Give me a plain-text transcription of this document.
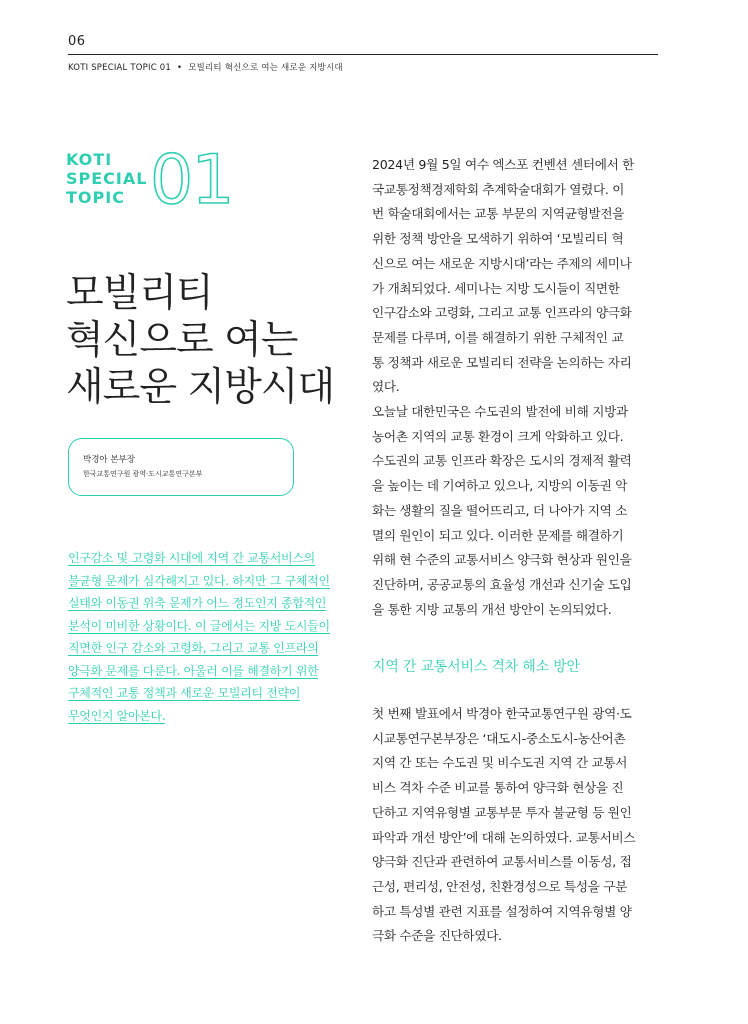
06
KOTI SPECIAL TOPIC 01 • 모빌리티 혁신으로 여는 새로운 지방시대
KOTI
SPECIAL
TOPIC 01
모빌리티
혁신으로 여는
새로운 지방시대
박경아 본부장
한국교통연구원 광역·도시교통연구본부
인구감소 및 고령화 시대에 지역 간 교통서비스의
불균형 문제가 심각해지고 있다. 하지만 그 구체적인
실태와 이동권 위축 문제가 어느 정도인지 종합적인
분석이 미비한 상황이다. 이 글에서는 지방 도시들이
직면한 인구 감소와 고령화, 그리고 교통 인프라의
양극화 문제를 다룬다. 아울러 이를 해결하기 위한
구체적인 교통 정책과 새로운 모빌리티 전략이
무엇인지 알아본다.
2024년 9월 5일 여수 엑스포 컨벤션 센터에서 한
국교통정책경제학회 추계학술대회가 열렸다. 이
번 학술대회에서는 교통 부문의 지역균형발전을
위한 정책 방안을 모색하기 위하여 ‘모빌리티 혁
신으로 여는 새로운 지방시대’라는 주제의 세미나
가 개최되었다. 세미나는 지방 도시들이 직면한
인구감소와 고령화, 그리고 교통 인프라의 양극화
문제를 다루며, 이를 해결하기 위한 구체적인 교
통 정책과 새로운 모빌리티 전략을 논의하는 자리
였다.
오늘날 대한민국은 수도권의 발전에 비해 지방과
농어촌 지역의 교통 환경이 크게 악화하고 있다.
수도권의 교통 인프라 확장은 도시의 경제적 활력
을 높이는 데 기여하고 있으나, 지방의 이동권 악
화는 생활의 질을 떨어뜨리고, 더 나아가 지역 소
멸의 원인이 되고 있다. 이러한 문제를 해결하기
위해 현 수준의 교통서비스 양극화 현상과 원인을
진단하며, 공공교통의 효율성 개선과 신기술 도입
을 통한 지방 교통의 개선 방안이 논의되었다.
지역 간 교통서비스 격차 해소 방안
첫 번째 발표에서 박경아 한국교통연구원 광역·도
시교통연구본부장은 ‘대도시-중소도시-농산어촌
지역 간 또는 수도권 및 비수도권 지역 간 교통서
비스 격차 수준 비교를 통하여 양극화 현상을 진
단하고 지역유형별 교통부문 투자 불균형 등 원인
파악과 개선 방안’에 대해 논의하였다. 교통서비스
양극화 진단과 관련하여 교통서비스를 이동성, 접
근성, 편리성, 안전성, 친환경성으로 특성을 구분
하고 특성별 관련 지표를 설정하여 지역유형별 양
극화 수준을 진단하였다.
